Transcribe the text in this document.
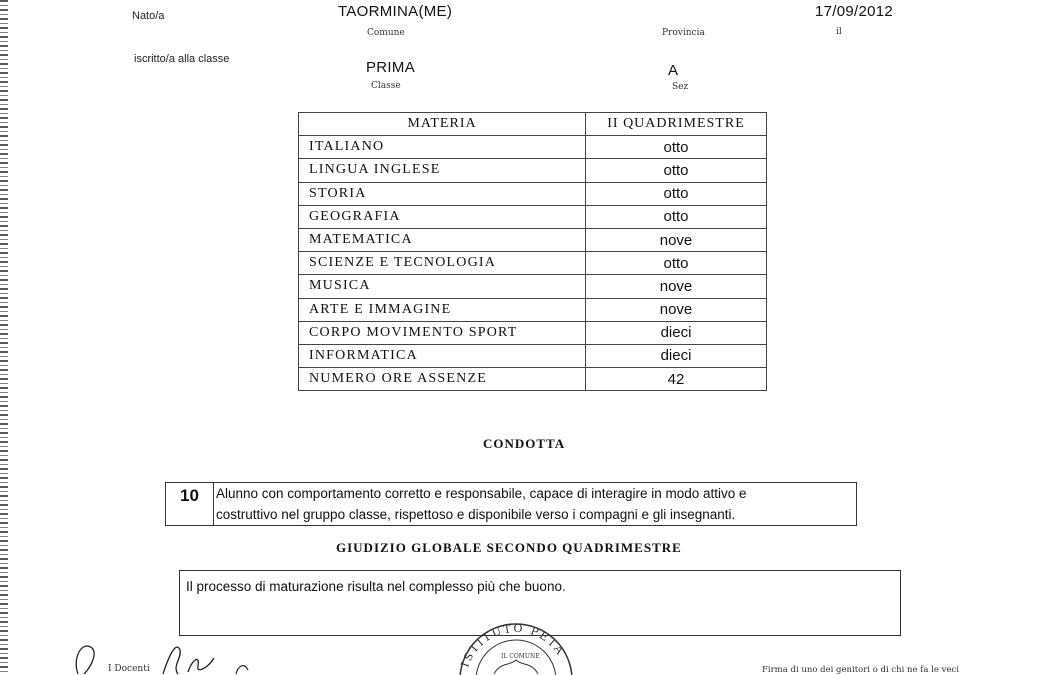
Nato/a	TAORMINA(ME)
Comune	Provincia
17/09/2012
il
iscritto/a alla classe	PRIMA
Classe
A
Sez
MATERIA	II QUADRIMESTRE
ITALIANO	otto
LINGUA INGLESE	otto
STORIA	otto
GEOGRAFIA	otto
MATEMATICA	nove
SCIENZE E TECNOLOGIA	otto
MUSICA	nove
ARTE E IMMAGINE	nove
CORPO MOVIMENTO SPORT	dieci
INFORMATICA	dieci
NUMERO ORE ASSENZE	42
CONDOTTA
10	Alunno con comportamento corretto e responsabile, capace di interagire in modo attivo e
costruttivo nel gruppo classe, rispettoso e disponibile verso i compagni e gli insegnanti.
GIUDIZIO GLOBALE SECONDO QUADRIMESTRE
Il processo di maturazione risulta nel complesso più che buono.
I Docenti	ISTITUTO PETA
IL COMUNE
Firma di uno dei genitori o di chi ne fa le veci
